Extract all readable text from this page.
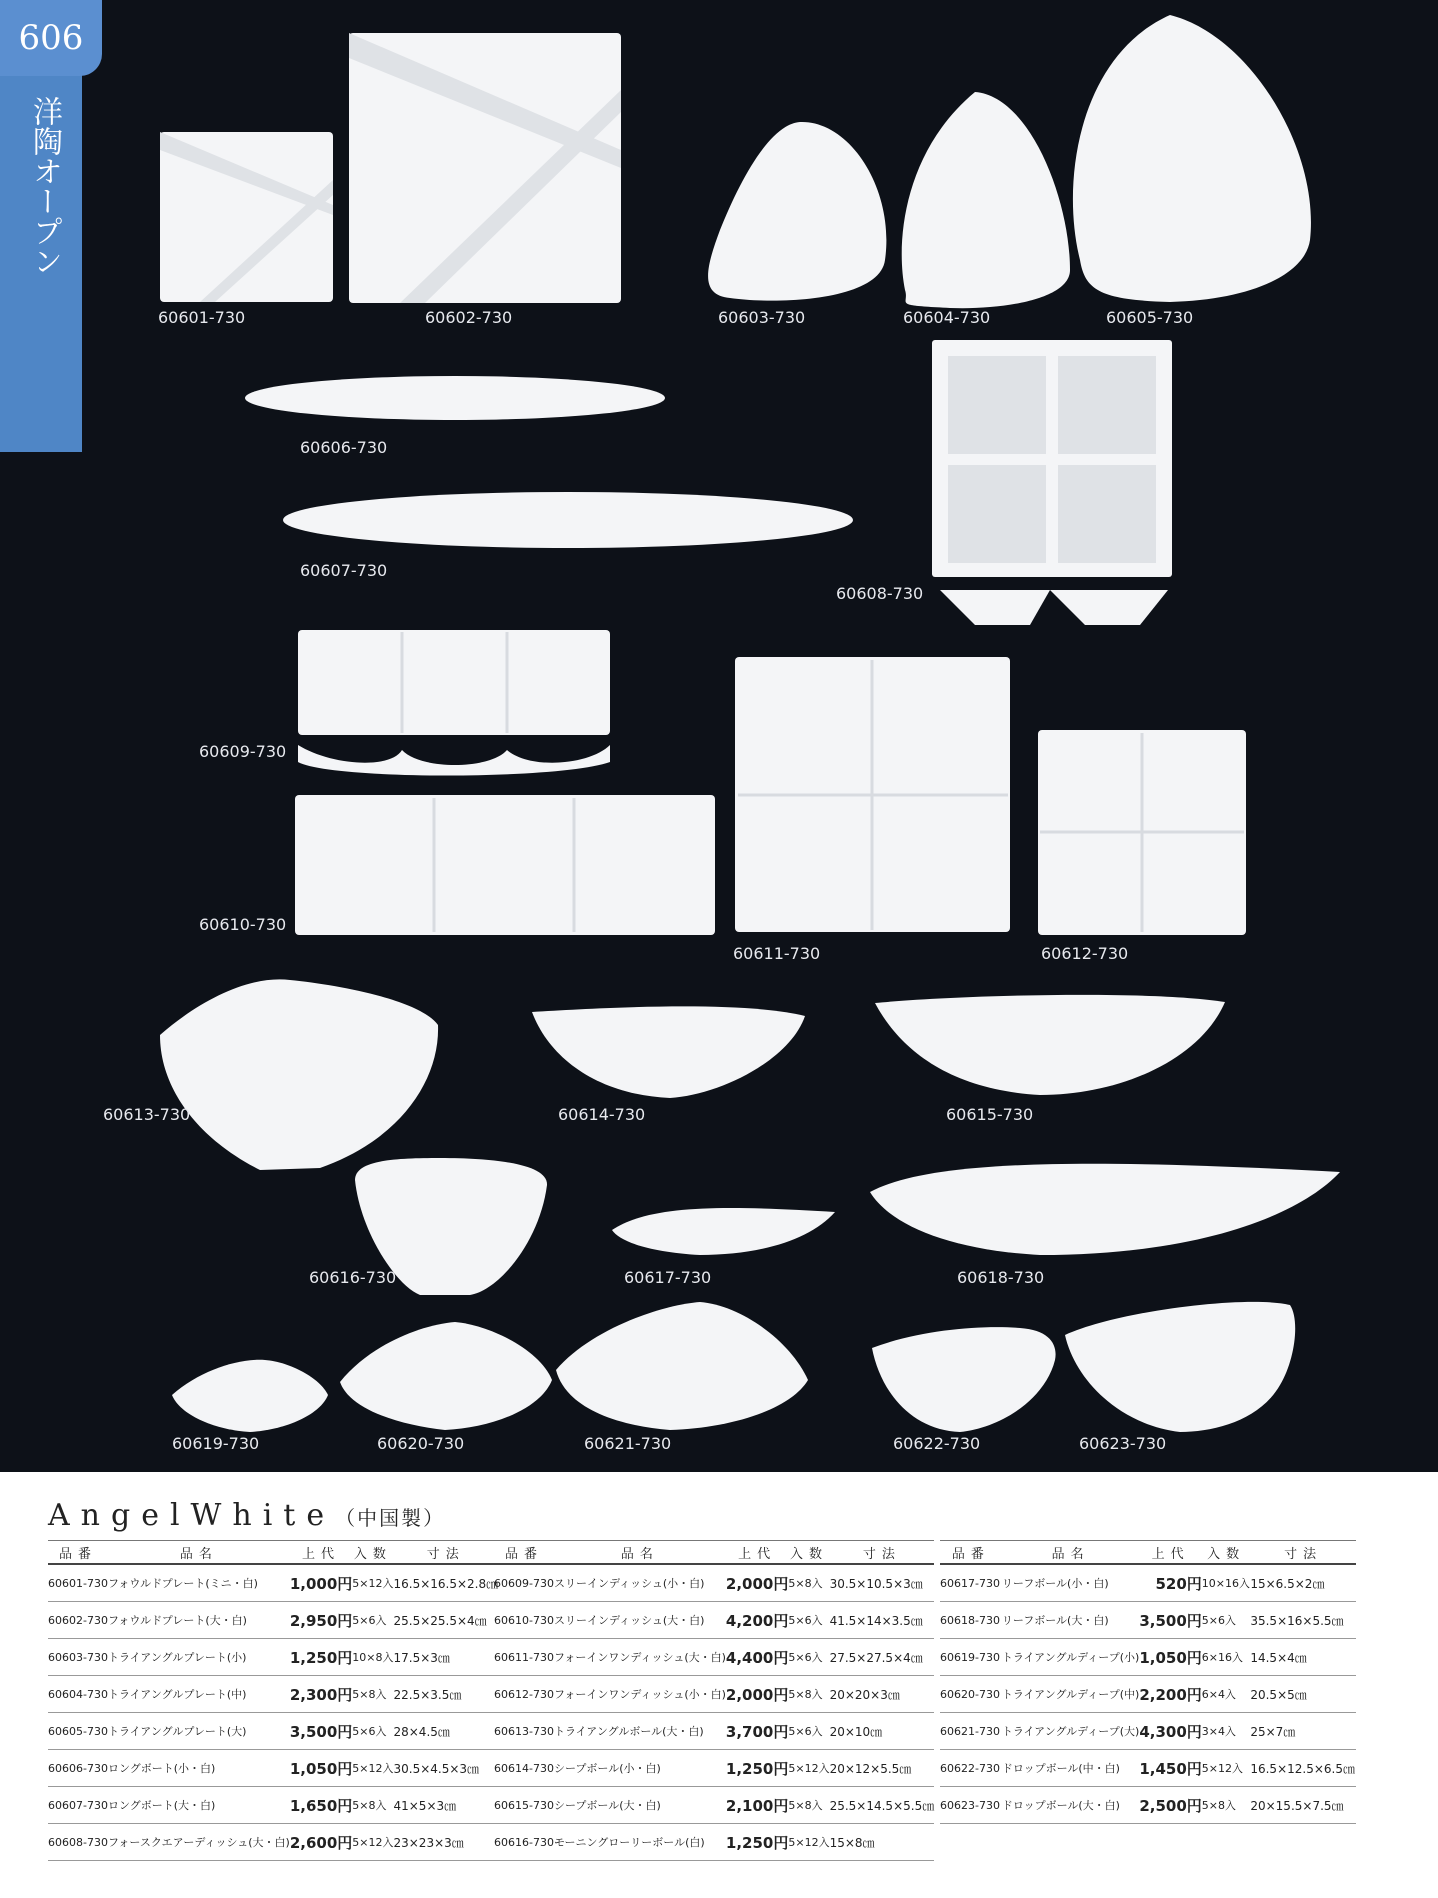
洋陶オープン
606
60601-730	60602-730	60603-730	60604-730	60605-730
60606-730
60607-730
60608-730
60609-730
60610-730
60611-730	60612-730
60613-730	60614-730	60615-730
60616-730	60617-730	60618-730
60619-730	60620-730	60621-730	60622-730	60623-730
AngelWhite（中国製）
品番	品名	上代	入数	寸法
60601-730	フォウルドプレート(ミニ・白)	1,000円	5×12入	16.5×16.5×2.8㎝
60602-730	フォウルドプレート(大・白)	2,950円	5×6入	25.5×25.5×4㎝
60603-730	トライアングルプレート(小)	1,250円	10×8入	17.5×3㎝
60604-730	トライアングルプレート(中)	2,300円	5×8入	22.5×3.5㎝
60605-730	トライアングルプレート(大)	3,500円	5×6入	28×4.5㎝
60606-730	ロングボート(小・白)	1,050円	5×12入	30.5×4.5×3㎝
60607-730	ロングボート(大・白)	1,650円	5×8入	41×5×3㎝
60608-730	フォースクエアーディッシュ(大・白)	2,600円	5×12入	23×23×3㎝
品番	品名	上代	入数	寸法
60609-730	スリーインディッシュ(小・白)	2,000円	5×8入	30.5×10.5×3㎝
60610-730	スリーインディッシュ(大・白)	4,200円	5×6入	41.5×14×3.5㎝
60611-730	フォーインワンディッシュ(大・白)	4,400円	5×6入	27.5×27.5×4㎝
60612-730	フォーインワンディッシュ(小・白)	2,000円	5×8入	20×20×3㎝
60613-730	トライアングルボール(大・白)	3,700円	5×6入	20×10㎝
60614-730	シープボール(小・白)	1,250円	5×12入	20×12×5.5㎝
60615-730	シープボール(大・白)	2,100円	5×8入	25.5×14.5×5.5㎝
60616-730	モーニングローリーボール(白)	1,250円	5×12入	15×8㎝
品番	品名	上代	入数	寸法
60617-730	リーフボール(小・白)	520円	10×16入	15×6.5×2㎝
60618-730	リーフボール(大・白)	3,500円	5×6入	35.5×16×5.5㎝
60619-730	トライアングルディープ(小)	1,050円	6×16入	14.5×4㎝
60620-730	トライアングルディープ(中)	2,200円	6×4入	20.5×5㎝
60621-730	トライアングルディープ(大)	4,300円	3×4入	25×7㎝
60622-730	ドロップボール(中・白)	1,450円	5×12入	16.5×12.5×6.5㎝
60623-730	ドロップボール(大・白)	2,500円	5×8入	20×15.5×7.5㎝
